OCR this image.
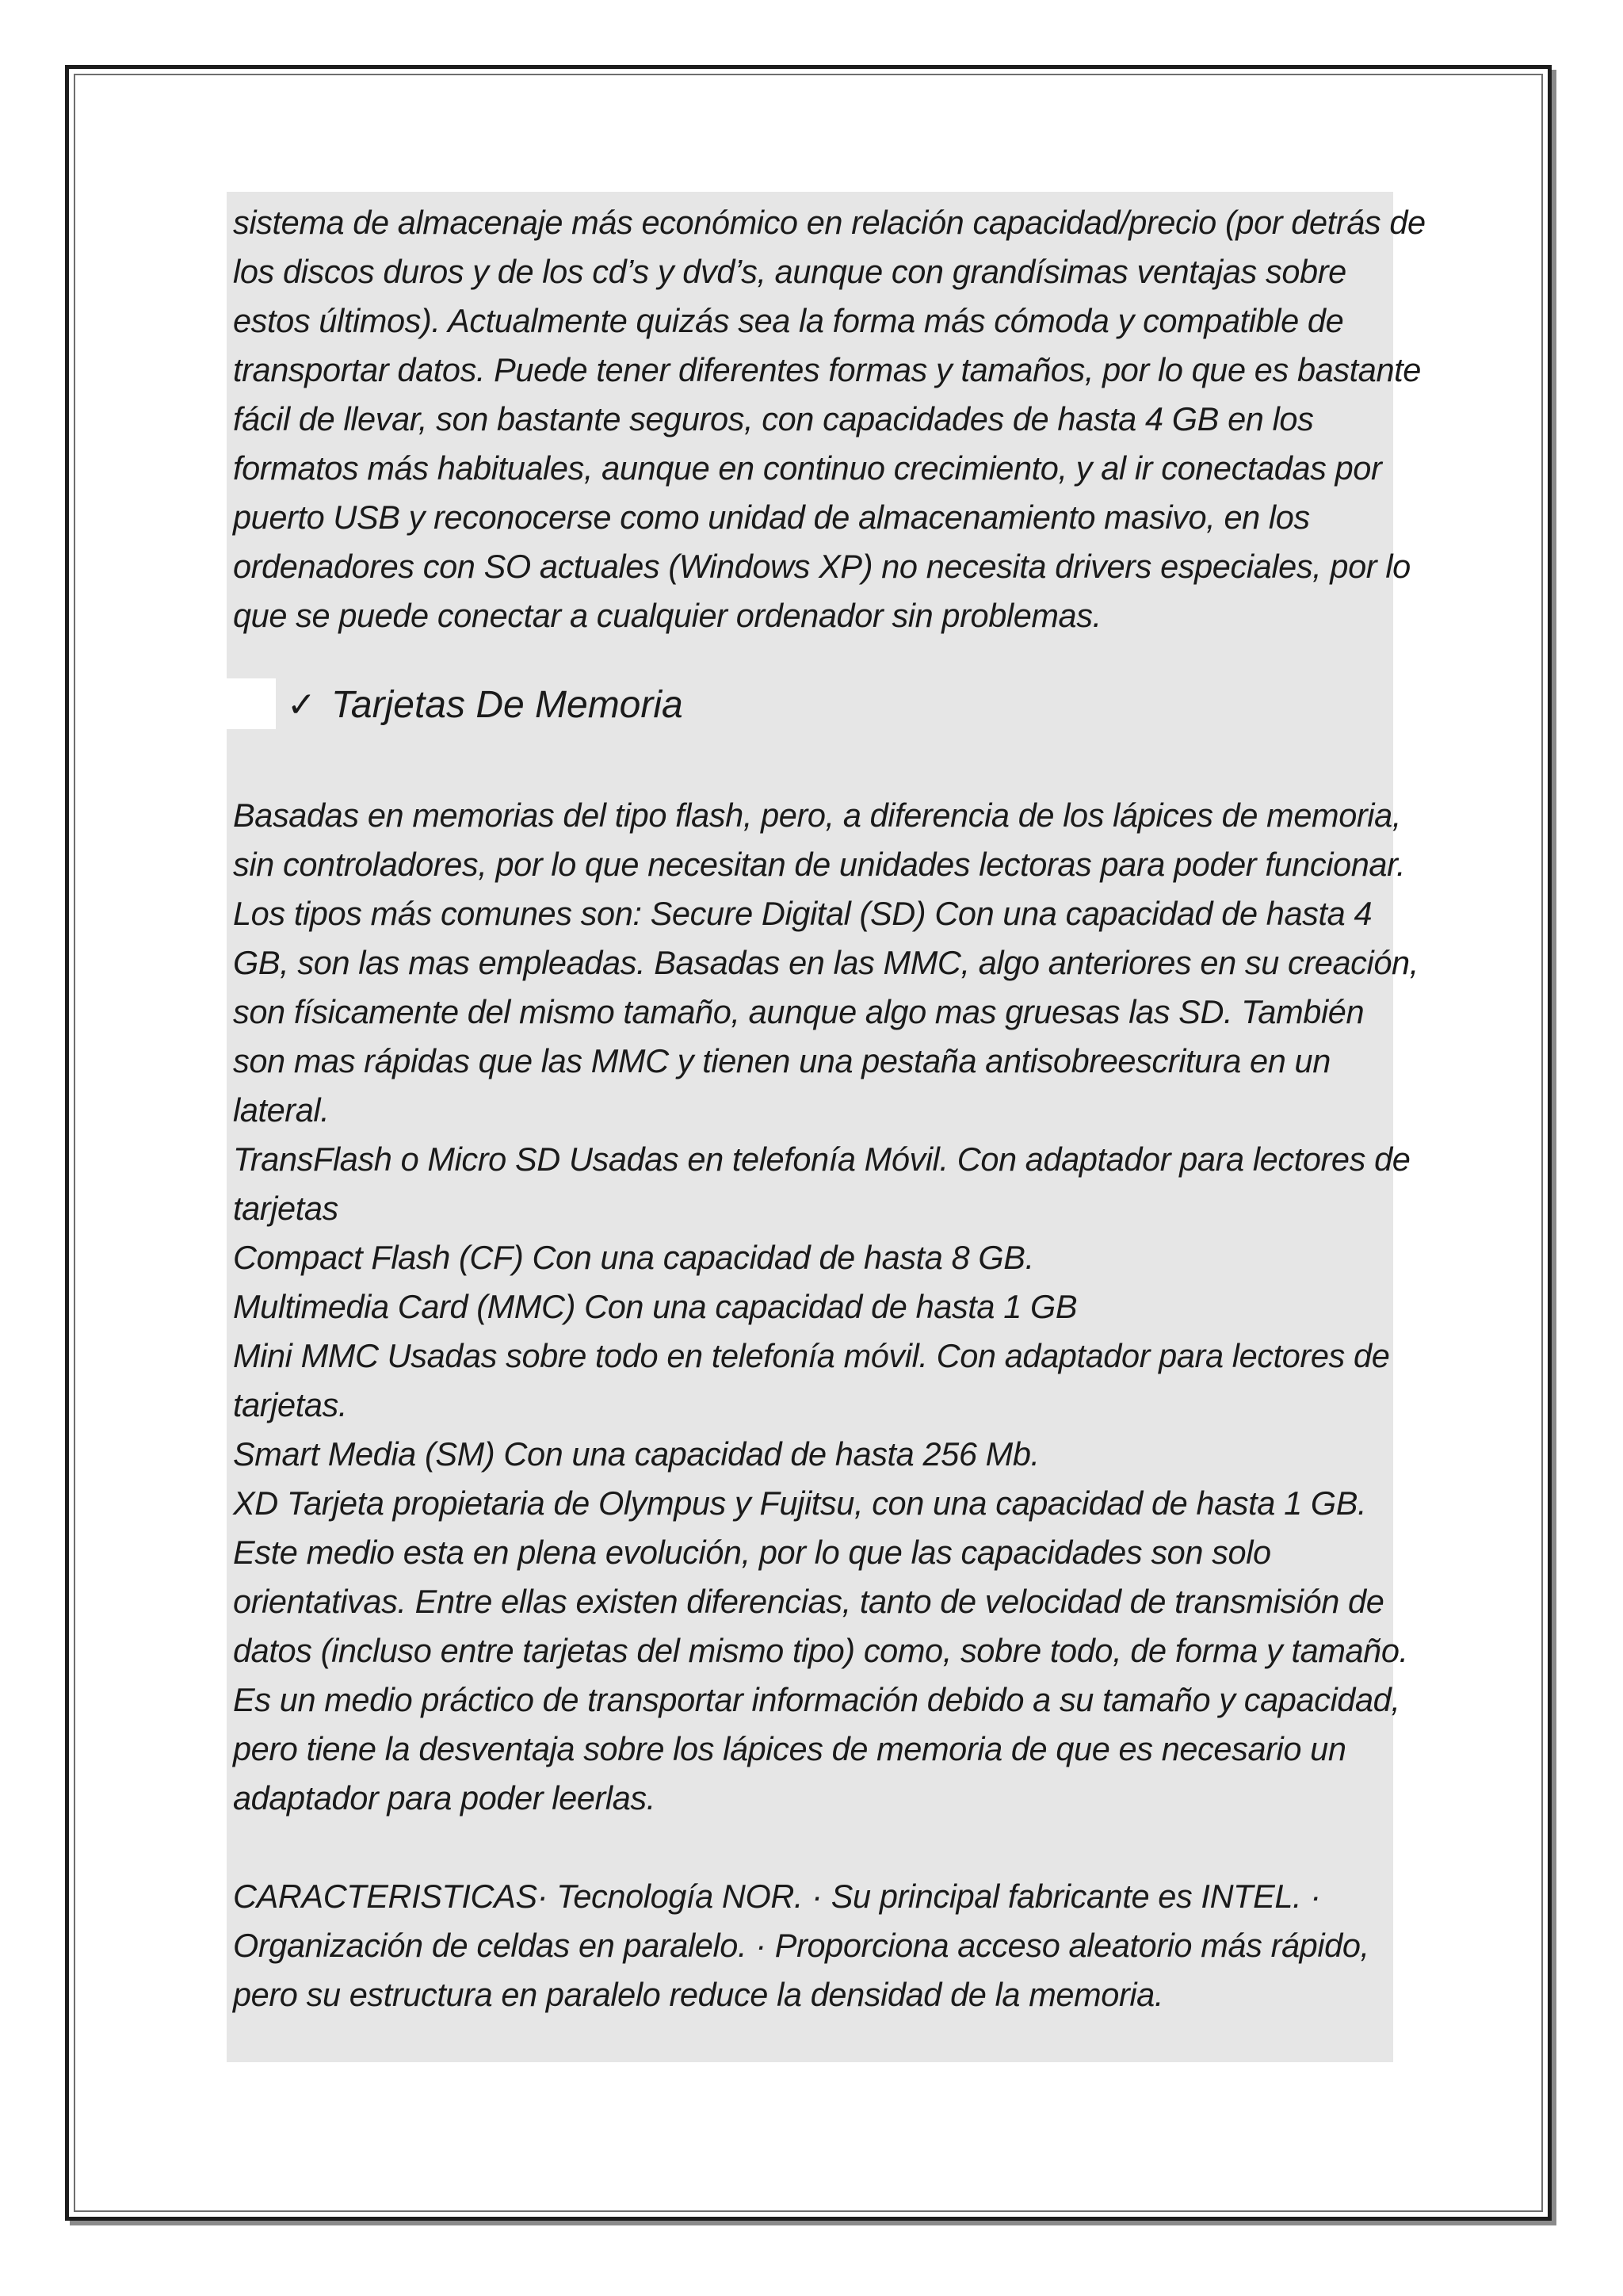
sistema de almacenaje más económico en relación capacidad/precio (por detrás de
los discos duros y de los cd’s y dvd’s, aunque con grandísimas ventajas sobre
estos últimos). Actualmente quizás sea la forma más cómoda y compatible de
transportar datos. Puede tener diferentes formas y tamaños, por lo que es bastante
fácil de llevar, son bastante seguros, con capacidades de hasta 4 GB en los
formatos más habituales, aunque en continuo crecimiento, y al ir conectadas por
puerto USB y reconocerse como unidad de almacenamiento masivo, en los
ordenadores con SO actuales (Windows XP) no necesita drivers especiales, por lo
que se puede conectar a cualquier ordenador sin problemas.
✓ Tarjetas De Memoria
Basadas en memorias del tipo flash, pero, a diferencia de los lápices de memoria,
sin controladores, por lo que necesitan de unidades lectoras para poder funcionar.
Los tipos más comunes son: Secure Digital (SD) Con una capacidad de hasta 4
GB, son las mas empleadas. Basadas en las MMC, algo anteriores en su creación,
son físicamente del mismo tamaño, aunque algo mas gruesas las SD. También
son mas rápidas que las MMC y tienen una pestaña antisobreescritura en un
lateral.
TransFlash o Micro SD Usadas en telefonía Móvil. Con adaptador para lectores de
tarjetas
Compact Flash (CF) Con una capacidad de hasta 8 GB.
Multimedia Card (MMC) Con una capacidad de hasta 1 GB
Mini MMC Usadas sobre todo en telefonía móvil. Con adaptador para lectores de
tarjetas.
Smart Media (SM) Con una capacidad de hasta 256 Mb.
XD Tarjeta propietaria de Olympus y Fujitsu, con una capacidad de hasta 1 GB.
Este medio esta en plena evolución, por lo que las capacidades son solo
orientativas. Entre ellas existen diferencias, tanto de velocidad de transmisión de
datos (incluso entre tarjetas del mismo tipo) como, sobre todo, de forma y tamaño.
Es un medio práctico de transportar información debido a su tamaño y capacidad,
pero tiene la desventaja sobre los lápices de memoria de que es necesario un
adaptador para poder leerlas.
CARACTERISTICAS· Tecnología NOR. · Su principal fabricante es INTEL. ·
Organización de celdas en paralelo. · Proporciona acceso aleatorio más rápido,
pero su estructura en paralelo reduce la densidad de la memoria.
